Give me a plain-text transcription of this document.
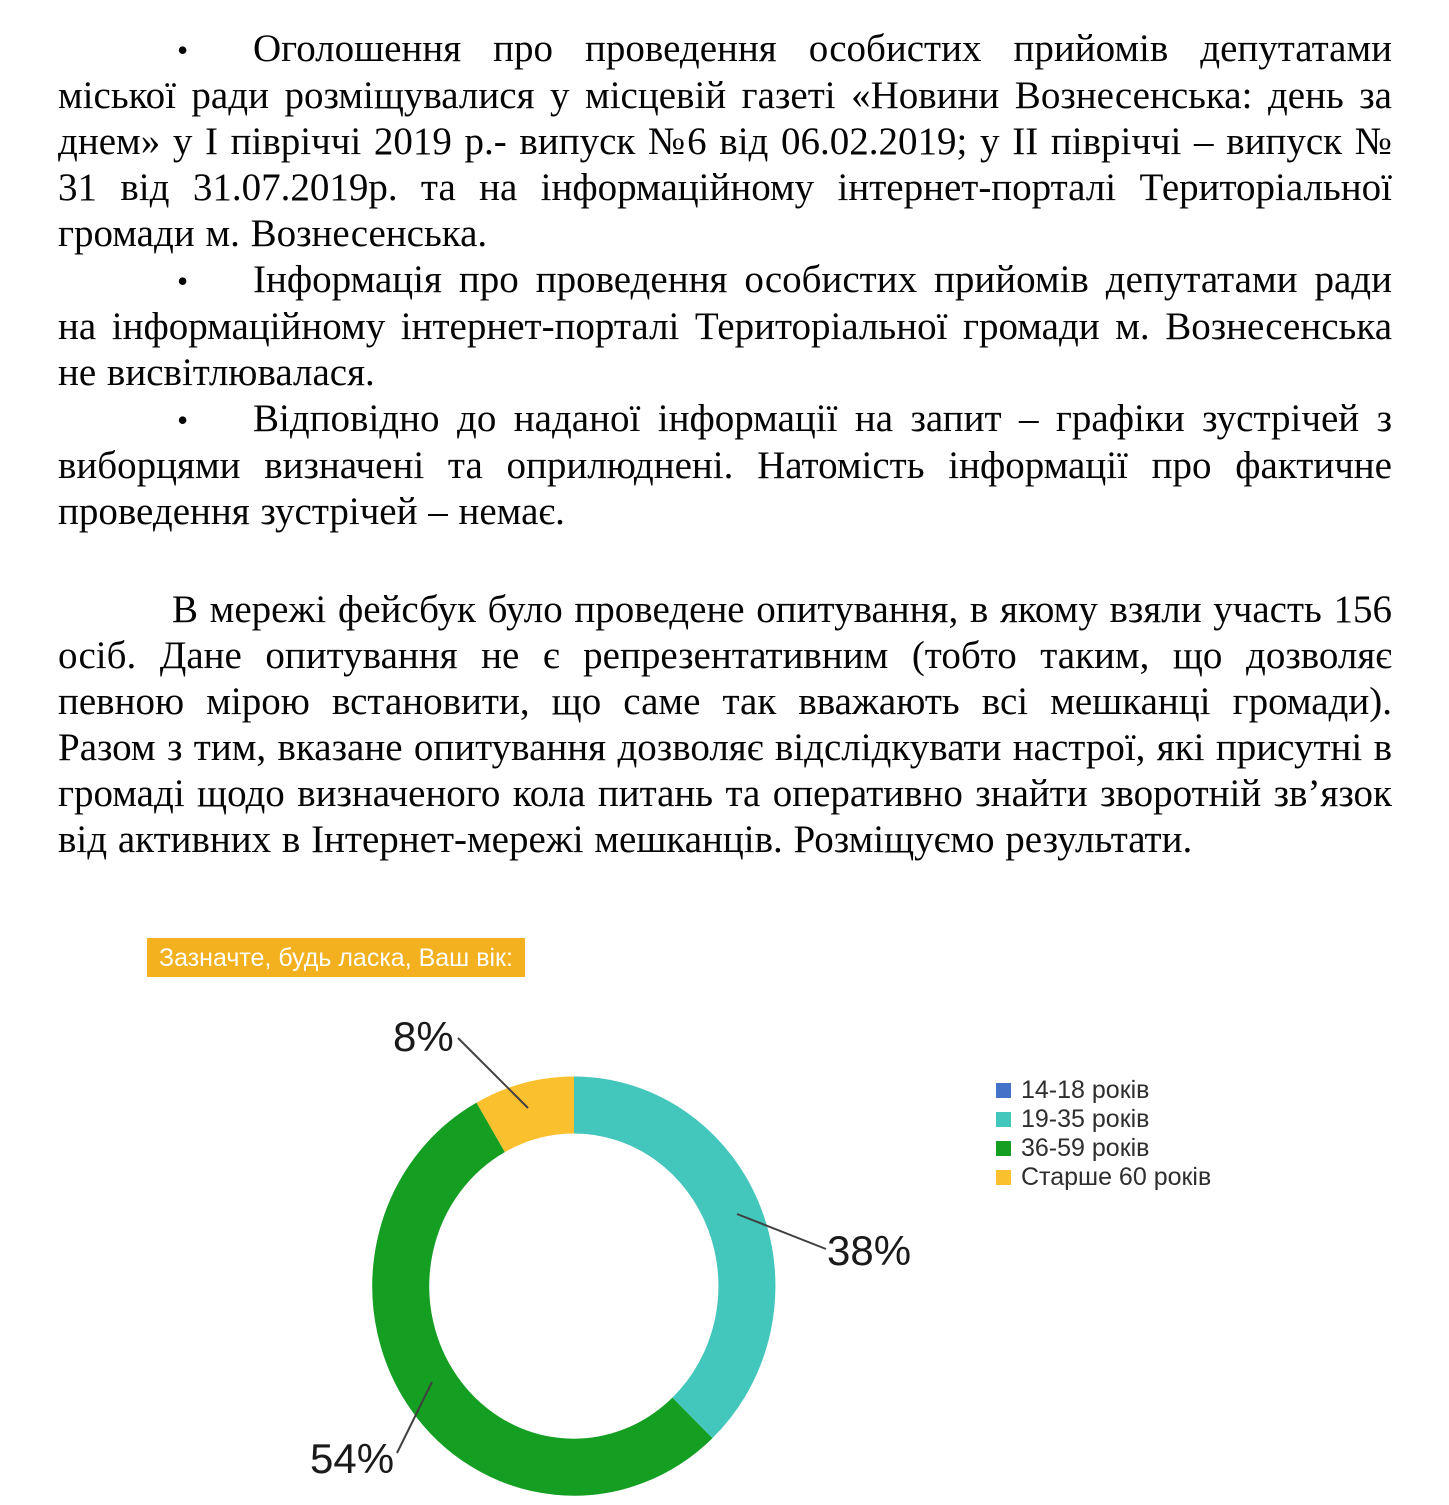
• Оголошення про проведення особистих прийомів депутатами міської ради розміщувалися у місцевій газеті «Новини Вознесенська: день за днем» у І півріччі 2019 р.- випуск №6 від 06.02.2019; у ІІ півріччі – випуск № 31 від 31.07.2019р. та на інформаційному інтернет-порталі Територіальної громади м. Вознесенська.

• Інформація про проведення особистих прийомів депутатами ради на інформаційному інтернет-порталі Територіальної громади м. Вознесенська не висвітлювалася.

• Відповідно до наданої інформації на запит – графіки зустрічей з виборцями визначені та оприлюднені. Натомість інформації про фактичне проведення зустрічей – немає.

В мережі фейсбук було проведене опитування, в якому взяли участь 156 осіб. Дане опитування не є репрезентативним (тобто таким, що дозволяє певною мірою встановити, що саме так вважають всі мешканці громади). Разом з тим, вказане опитування дозволяє відслідкувати настрої, які присутні в громаді щодо визначеного кола питань та оперативно знайти зворотній зв’язок від активних в Інтернет-мережі мешканців. Розміщуємо результати.

Зазначте, будь ласка, Ваш вік:
8%
38%
54%
14-18 років
19-35 років
36-59 років
Старше 60 років
